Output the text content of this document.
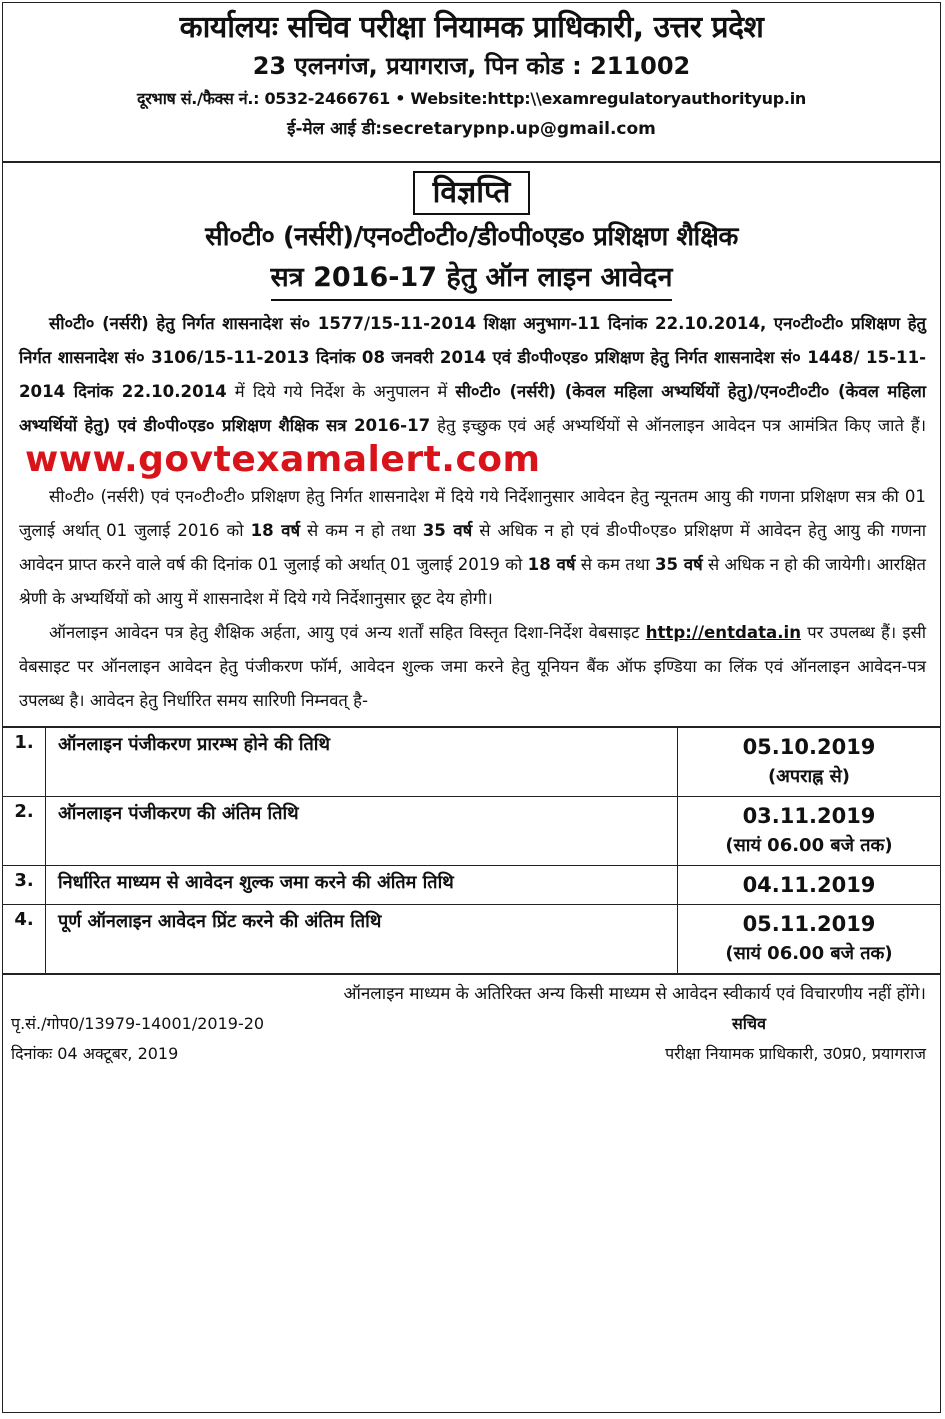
कार्यालयः सचिव परीक्षा नियामक प्राधिकारी, उत्तर प्रदेश
23 एलनगंज, प्रयागराज, पिन कोड : 211002
दूरभाष सं./फैक्स नं.: 0532-2466761 • Website:http:\\examregulatoryauthorityup.in
ई-मेल आई डी:secretarypnp.up@gmail.com
विज्ञप्ति
सी०टी० (नर्सरी)/एन०टी०टी०/डी०पी०एड० प्रशिक्षण शैक्षिक
सत्र 2016-17 हेतु ऑन लाइन आवेदन

सी०टी० (नर्सरी) हेतु निर्गत शासनादेश सं० 1577/15-11-2014 शिक्षा अनुभाग-11 दिनांक 22.10.2014, एन०टी०टी० प्रशिक्षण हेतु निर्गत शासनादेश सं० 3106/15-11-2013 दिनांक 08 जनवरी 2014 एवं डी०पी०एड० प्रशिक्षण हेतु निर्गत शासनादेश सं० 1448/ 15-11-2014 दिनांक 22.10.2014 में दिये गये निर्देश के अनुपालन में सी०टी० (नर्सरी) (केवल महिला अभ्यर्थियों हेतु)/एन०टी०टी० (केवल महिला अभ्यर्थियों हेतु) एवं डी०पी०एड० प्रशिक्षण शैक्षिक सत्र 2016-17 हेतु इच्छुक एवं अर्ह अभ्यर्थियों से ऑनलाइन आवेदन पत्र आमंत्रित किए जाते हैं।www.govtexamalert.com

सी०टी० (नर्सरी) एवं एन०टी०टी० प्रशिक्षण हेतु निर्गत शासनादेश में दिये गये निर्देशानुसार आवेदन हेतु न्यूनतम आयु की गणना प्रशिक्षण सत्र की 01 जुलाई अर्थात् 01 जुलाई 2016 को 18 वर्ष से कम न हो तथा 35 वर्ष से अधिक न हो एवं डी०पी०एड० प्रशिक्षण में आवेदन हेतु आयु की गणना आवेदन प्राप्त करने वाले वर्ष की दिनांक 01 जुलाई को अर्थात् 01 जुलाई 2019 को 18 वर्ष से कम तथा 35 वर्ष से अधिक न हो की जायेगी। आरक्षित श्रेणी के अभ्यर्थियों को आयु में शासनादेश में दिये गये निर्देशानुसार छूट देय होगी।

ऑनलाइन आवेदन पत्र हेतु शैक्षिक अर्हता, आयु एवं अन्य शर्तों सहित विस्तृत दिशा-निर्देश वेबसाइट http://entdata.in पर उपलब्ध हैं। इसी वेबसाइट पर ऑनलाइन आवेदन हेतु पंजीकरण फॉर्म, आवेदन शुल्क जमा करने हेतु यूनियन बैंक ऑफ इण्डिया का लिंक एवं ऑनलाइन आवेदन-पत्र उपलब्ध है। आवेदन हेतु निर्धारित समय सारिणी निम्नवत् है-

1.	ऑनलाइन पंजीकरण प्रारम्भ होने की तिथि	05.10.2019
(अपराह्न से)

2.	ऑनलाइन पंजीकरण की अंतिम तिथि	03.11.2019
(सायं 06.00 बजे तक)

3.	निर्धारित माध्यम से आवेदन शुल्क जमा करने की अंतिम तिथि	04.11.2019

4.	पूर्ण ऑनलाइन आवेदन प्रिंट करने की अंतिम तिथि	05.11.2019
(सायं 06.00 बजे तक)
ऑनलाइन माध्यम के अतिरिक्त अन्य किसी माध्यम से आवेदन स्वीकार्य एवं विचारणीय नहीं होंगे।
पृ.सं./गोप0/13979-14001/2019-20	सचिव
दिनांकः 04 अक्टूबर, 2019	परीक्षा नियामक प्राधिकारी, उ0प्र0, प्रयागराज
